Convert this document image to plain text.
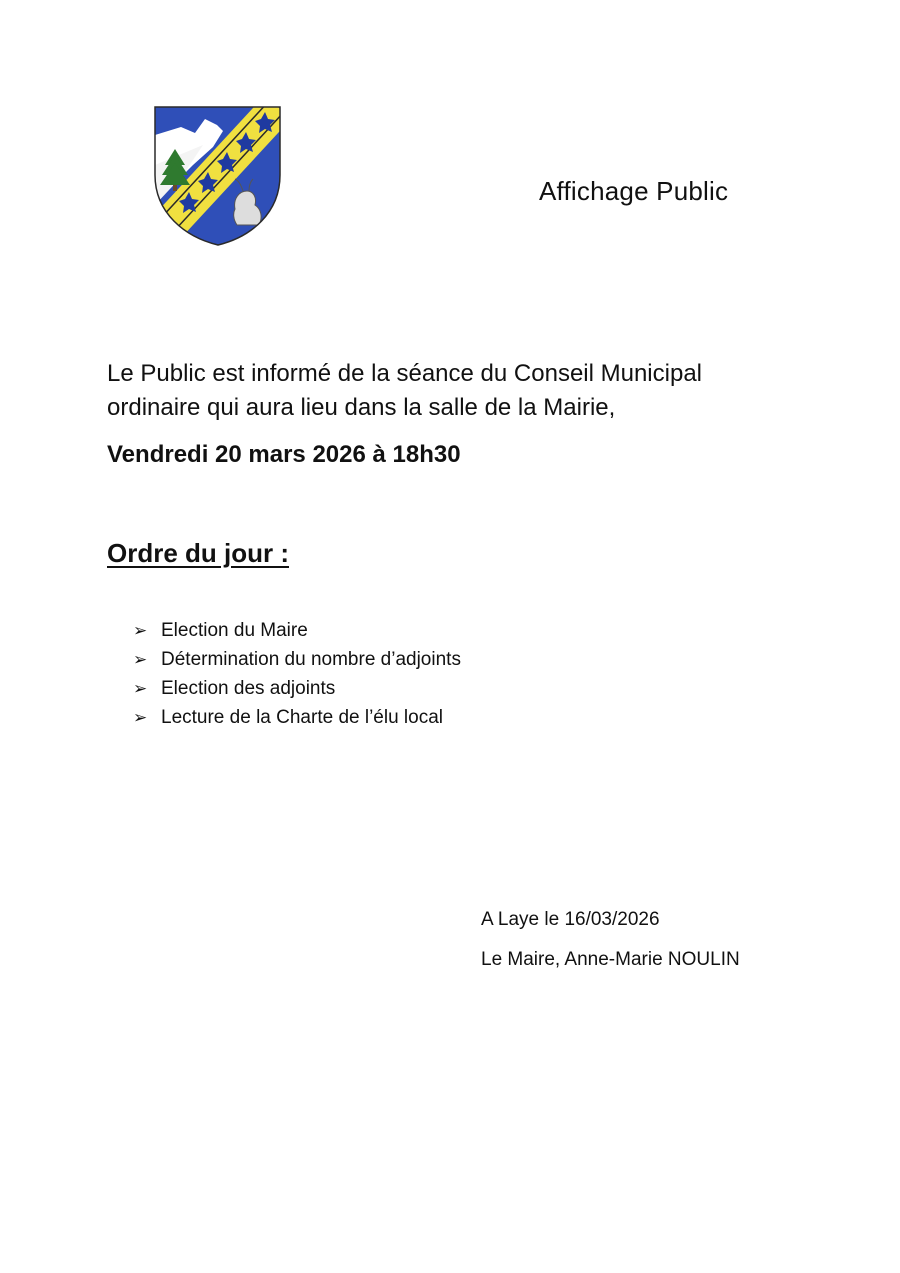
Affichage Public
Le Public est informé de la séance du Conseil Municipal ordinaire qui aura lieu dans la salle de la Mairie,
Vendredi 20 mars 2026 à 18h30
Ordre du jour :
➢ Election du Maire
➢ Détermination du nombre d’adjoints
➢ Election des adjoints
➢ Lecture de la Charte de l’élu local
A Laye le 16/03/2026
Le Maire, Anne-Marie NOULIN
